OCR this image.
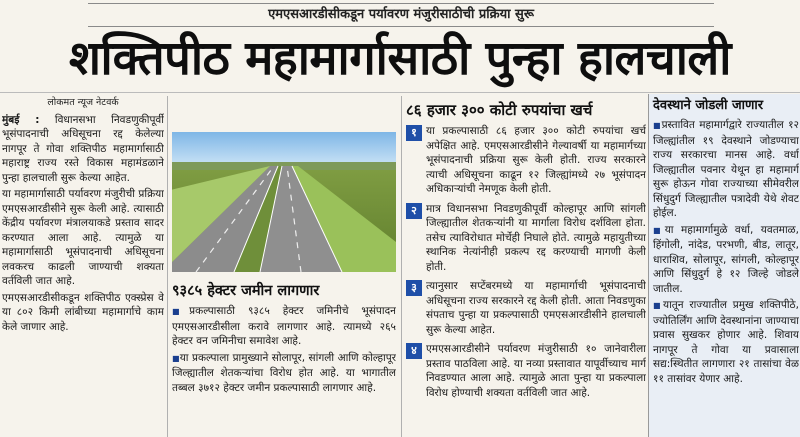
एमएसआरडीसीकडून पर्यावरण मंजुरीसाठीची प्रक्रिया सुरू
शक्तिपीठ महामार्गासाठी पुन्हा हालचाली
लोकमत न्यूज नेटवर्क

मुंबई : विधानसभा निवडणुकीपूर्वी भूसंपादनाची अधिसूचना रद्द केलेल्या नागपूर ते गोवा शक्तिपीठ महामार्गासाठी महाराष्ट्र राज्य रस्ते विकास महामंडळाने पुन्हा हालचाली सुरू केल्या आहेत.

या महामार्गासाठी पर्यावरण मंजुरीची प्रक्रिया एमएसआरडीसीने सुरू केली आहे. त्यासाठी केंद्रीय पर्यावरण मंत्रालयाकडे प्रस्ताव सादर करण्यात आला आहे. त्यामुळे या महामार्गासाठी भूसंपादनाची अधिसूचना लवकरच काढली जाण्याची शक्यता वर्तविली जात आहे.

एमएसआरडीसीकडून शक्तिपीठ एक्स्प्रेस वे या ८०२ किमी लांबीच्या महामार्गाचे काम केले जाणार आहे.

९३८५ हेक्टर जमीन लागणार

■ प्रकल्पासाठी ९३८५ हेक्टर जमिनीचे भूसंपादन एमएसआरडीसीला करावे लागणार आहे. त्यामध्ये २६५ हेक्टर वन जमिनीचा समावेश आहे.

■ या प्रकल्पाला प्रामुख्याने सोलापूर, सांगली आणि कोल्हापूर जिल्ह्यातील शेतकऱ्यांचा विरोध होत आहे. या भागातील तब्बल ३७१२ हेक्टर जमीन प्रकल्पासाठी लागणार आहे.

८६ हजार ३०० कोटी रुपयांचा खर्च
१ या प्रकल्पासाठी ८६ हजार ३०० कोटी रुपयांचा खर्च अपेक्षित आहे. एमएसआरडीसीने गेल्यावर्षी या महामार्गच्या भूसंपादनाची प्रक्रिया सुरू केली होती. राज्य सरकारने त्याची अधिसूचना काढून १२ जिल्ह्यांमध्ये २७ भूसंपादन अधिकाऱ्यांची नेमणूक केली होती.

२ मात्र विधानसभा निवडणुकीपूर्वी कोल्हापूर आणि सांगली जिल्ह्यातील शेतकऱ्यांनी या मार्गाला विरोध दर्शविला होता. तसेच त्याविरोधात मोर्चेही निघाले होते. त्यामुळे महायुतीच्या स्थानिक नेत्यांनीही प्रकल्प रद्द करण्याची मागणी केली होती.

३ त्यानुसार सप्टेंबरमध्ये या महामार्गाची भूसंपादनाची अधिसूचना राज्य सरकारने रद्द केली होती. आता निवडणुका संपताच पुन्हा या प्रकल्पासाठी एमएसआरडीसीने हालचाली सुरू केल्या आहेत.

४ एमएसआरडीसीने पर्यावरण मंजुरीसाठी १० जानेवारीला प्रस्ताव पाठविला आहे. या नव्या प्रस्तावात यापूर्वीच्याच मार्ग निवडण्यात आला आहे. त्यामुळे आता पुन्हा या प्रकल्पाला विरोध होण्याची शक्यता वर्तविली जात आहे.

देवस्थाने जोडली जाणार

■ प्रस्तावित महामार्गद्वारे राज्यातील १२ जिल्ह्यांतील १९ देवस्थाने जोडण्याचा राज्य सरकारचा मानस आहे. वर्धा जिल्ह्यातील पवनार येथून हा महामार्ग सुरू होऊन गोवा राज्याच्या सीमेवरील सिंधुदुर्ग जिल्ह्यातील पत्रादेवी येथे शेवट होईल.

■ या महामार्गामुळे वर्धा, यवतमाळ, हिंगोली, नांदेड, परभणी, बीड, लातूर, धाराशिव, सोलापूर, सांगली, कोल्हापूर आणि सिंधुदुर्ग हे १२ जिल्हे जोडले जातील.

■ यातून राज्यातील प्रमुख शक्तिपीठे, ज्योतिर्लिंग आणि देवस्थानांना जाण्याचा प्रवास सुखकर होणार आहे. शिवाय नागपूर ते गोवा या प्रवासाला सद्य:स्थितीत लागणारा २१ तासांचा वेळ ११ तासांवर येणार आहे.
